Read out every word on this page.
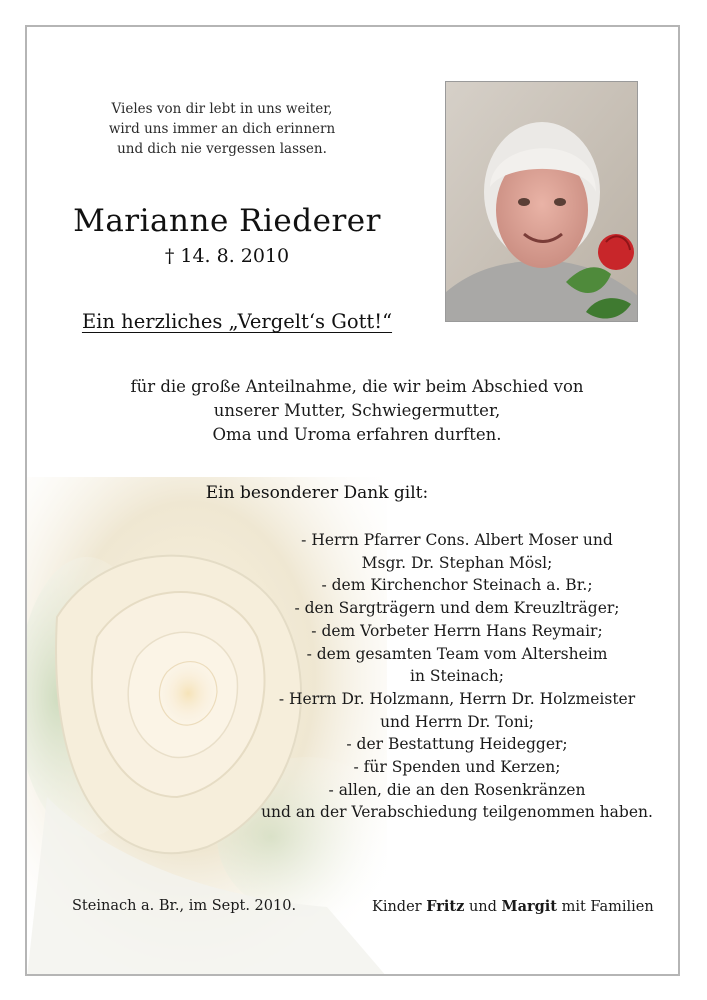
Vieles von dir lebt in uns weiter,
wird uns immer an dich erinnern
und dich nie vergessen lassen.
Marianne Riederer
† 14. 8. 2010
Ein herzliches „Vergelt‘s Gott!“
für die große Anteilnahme, die wir beim Abschied von
unserer Mutter, Schwiegermutter,
Oma und Uroma erfahren durften.
Ein besonderer Dank gilt:
- Herrn Pfarrer Cons. Albert Moser und
Msgr. Dr. Stephan Mösl;
- dem Kirchenchor Steinach a. Br.;
- den Sargträgern und dem Kreuzlträger;
- dem Vorbeter Herrn Hans Reymair;
- dem gesamten Team vom Altersheim
in Steinach;
- Herrn Dr. Holzmann, Herrn Dr. Holzmeister
und Herrn Dr. Toni;
- der Bestattung Heidegger;
- für Spenden und Kerzen;
- allen, die an den Rosenkränzen
und an der Verabschiedung teilgenommen haben.
Steinach a. Br., im Sept. 2010.	Kinder Fritz und Margit mit Familien
